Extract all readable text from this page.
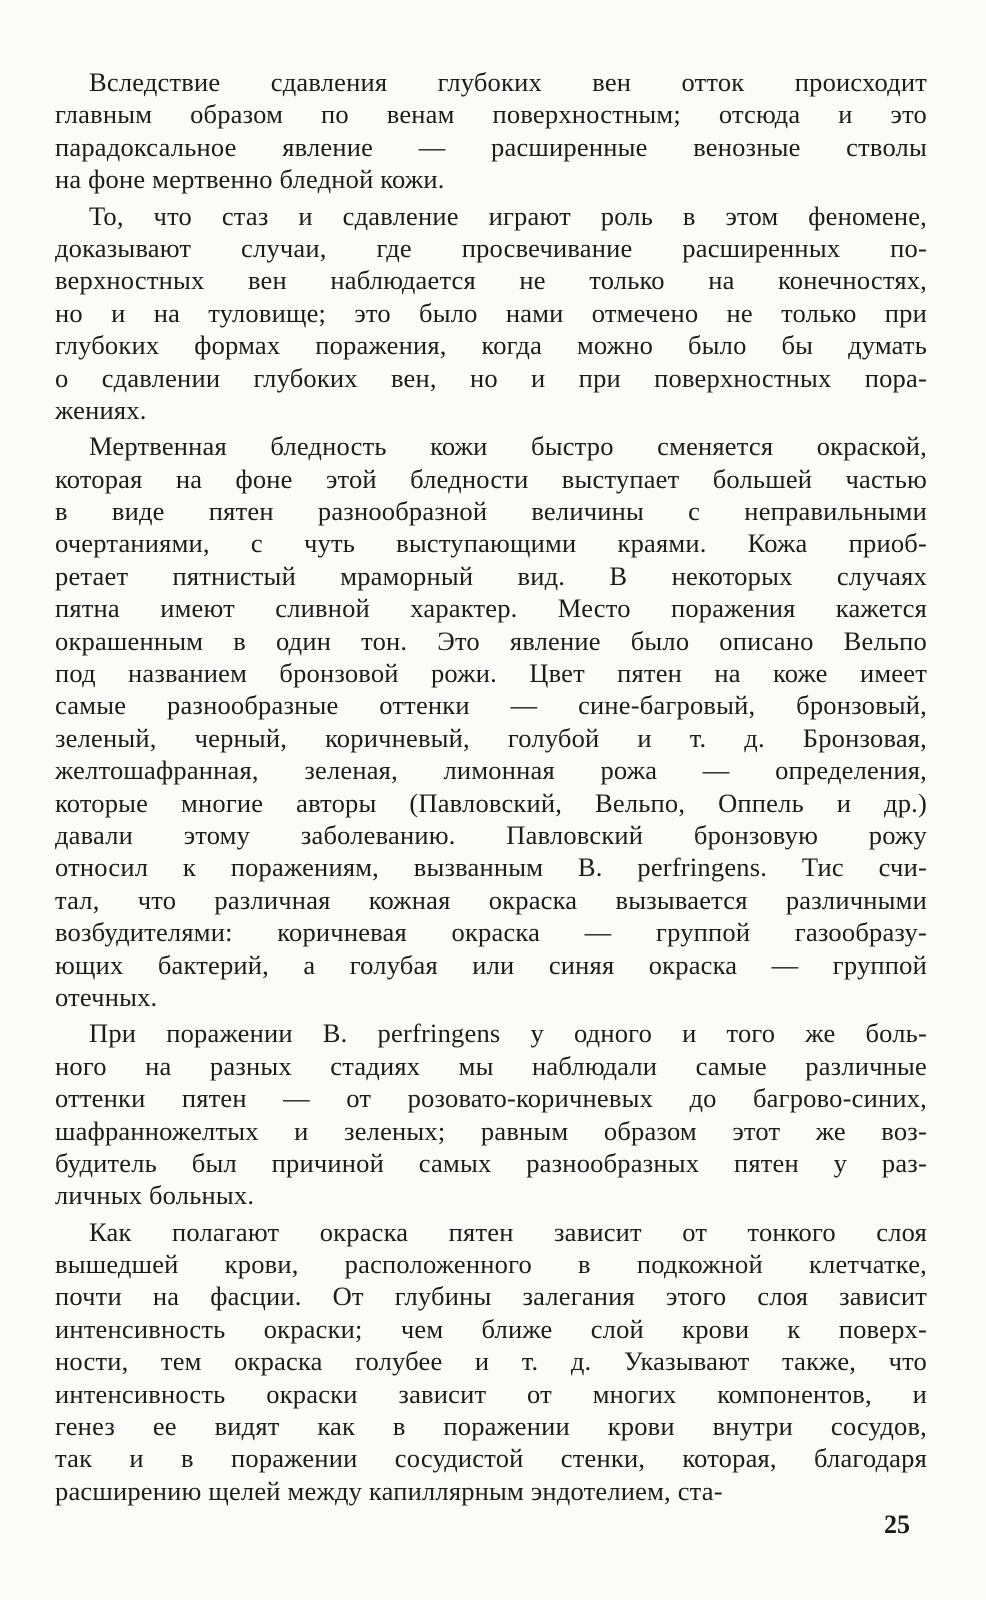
Вследствие сдавления глубоких вен отток происходит
главным образом по венам поверхностным; отсюда и это
парадоксальное явление — расширенные венозные стволы
на фоне мертвенно бледной кожи.
То, что стаз и сдавление играют роль в этом феномене,
доказывают случаи, где просвечивание расширенных по-
верхностных вен наблюдается не только на конечностях,
но и на туловище; это было нами отмечено не только при
глубоких формах поражения, когда можно было бы думать
о сдавлении глубоких вен, но и при поверхностных пора-
жениях.
Мертвенная бледность кожи быстро сменяется окраской,
которая на фоне этой бледности выступает большей частью
в виде пятен разнообразной величины с неправильными
очертаниями, с чуть выступающими краями. Кожа приоб-
ретает пятнистый мраморный вид. В некоторых случаях
пятна имеют сливной характер. Место поражения кажется
окрашенным в один тон. Это явление было описано Вельпо
под названием бронзовой рожи. Цвет пятен на коже имеет
самые разнообразные оттенки — сине-багровый, бронзовый,
зеленый, черный, коричневый, голубой и т. д. Бронзовая,
желтошафранная, зеленая, лимонная рожа — определения,
которые многие авторы (Павловский, Вельпо, Оппель и др.)
давали этому заболеванию. Павловский бронзовую рожу
относил к поражениям, вызванным B. perfringens. Тис счи-
тал, что различная кожная окраска вызывается различными
возбудителями: коричневая окраска — группой газообразу-
ющих бактерий, а голубая или синяя окраска — группой
отечных.
При поражении B. perfringens у одного и того же боль-
ного на разных стадиях мы наблюдали самые различные
оттенки пятен — от розовато-коричневых до багрово-синих,
шафранножелтых и зеленых; равным образом этот же воз-
будитель был причиной самых разнообразных пятен у раз-
личных больных.
Как полагают окраска пятен зависит от тонкого слоя
вышедшей крови, расположенного в подкожной клетчатке,
почти на фасции. От глубины залегания этого слоя зависит
интенсивность окраски; чем ближе слой крови к поверх-
ности, тем окраска голубее и т. д. Указывают также, что
интенсивность окраски зависит от многих компонентов, и
генез ее видят как в поражении крови внутри сосудов,
так и в поражении сосудистой стенки, которая, благодаря
расширению щелей между капиллярным эндотелием, ста-
25
